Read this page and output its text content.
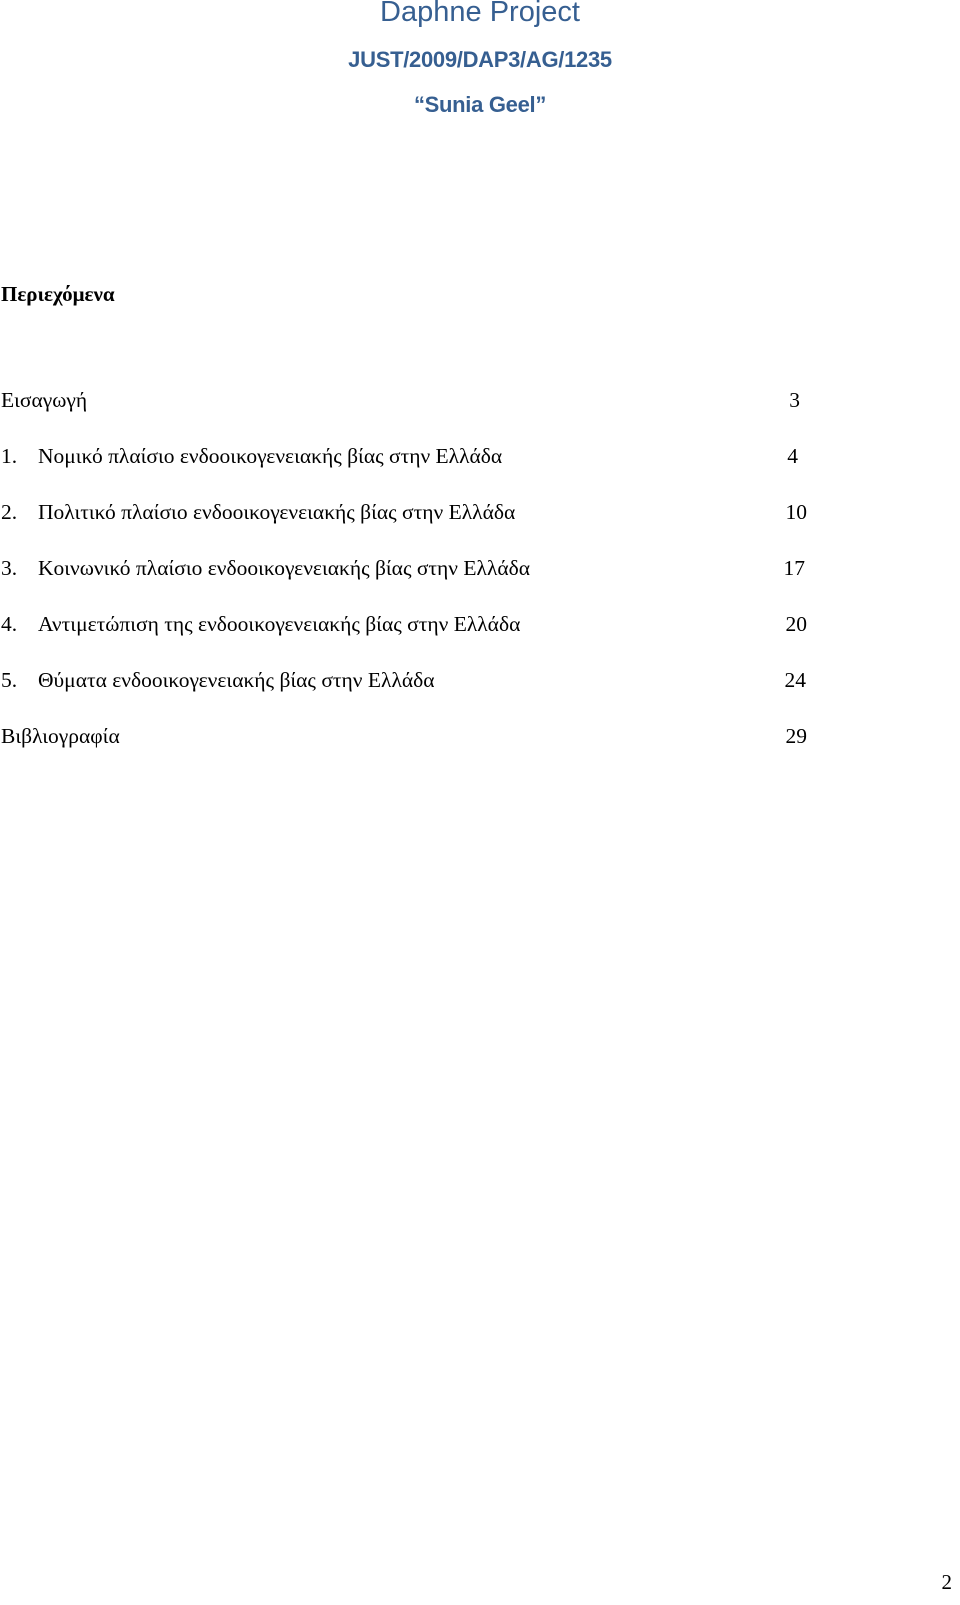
Daphne Project
JUST/2009/DAP3/AG/1235
“Sunia Geel”
Περιεχόμενα
Εισαγωγή	3
1. Νομικό πλαίσιο ενδοοικογενειακής βίας στην Ελλάδα	4
2. Πολιτικό πλαίσιο ενδοοικογενειακής βίας στην Ελλάδα	10
3. Κοινωνικό πλαίσιο ενδοοικογενειακής βίας στην Ελλάδα	17
4. Αντιμετώπιση της ενδοοικογενειακής βίας στην Ελλάδα	20
5. Θύματα ενδοοικογενειακής βίας στην Ελλάδα	24
Βιβλιογραφία	29
2
